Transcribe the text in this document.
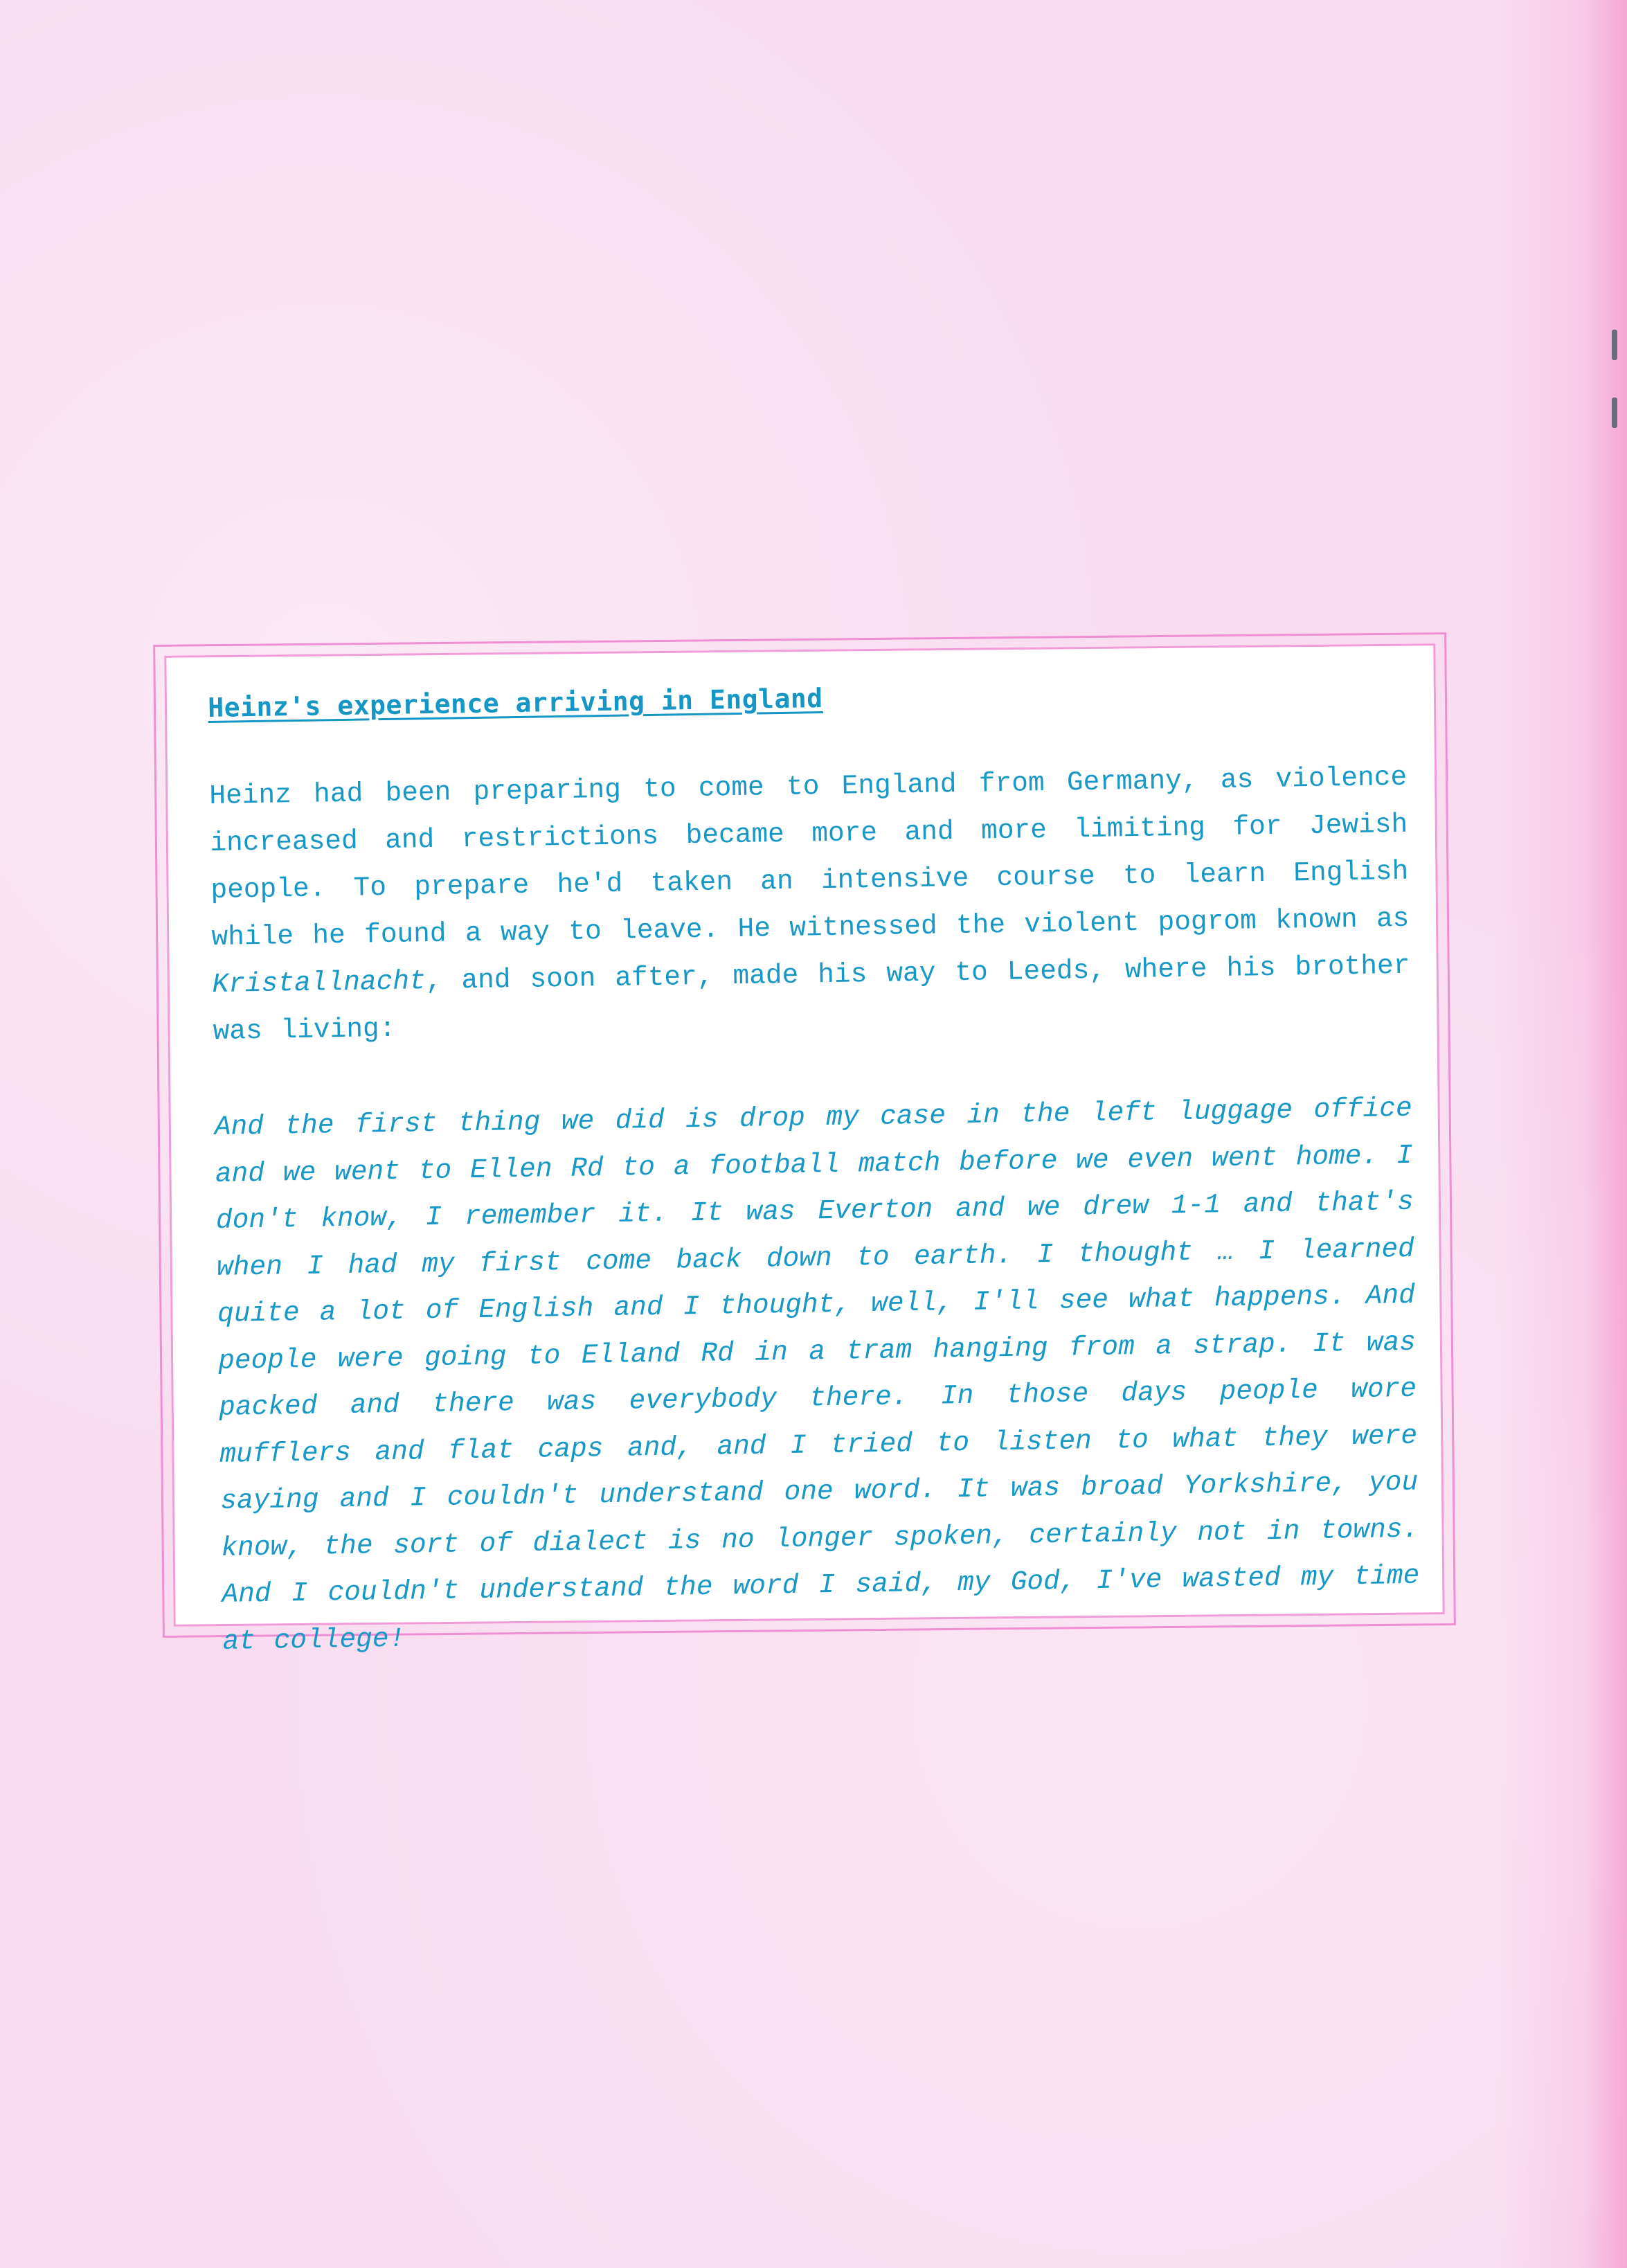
Heinz's experience arriving in England

Heinz had been preparing to come to England from Germany, as violence increased and restrictions became more and more limiting for Jewish people. To prepare he'd taken an intensive course to learn English while he found a way to leave. He witnessed the violent pogrom known as Kristallnacht, and soon after, made his way to Leeds, where his brother was living:

And the first thing we did is drop my case in the left luggage office and we went to Ellen Rd to a football match before we even went home. I don't know, I remember it. It was Everton and we drew 1-1 and that's when I had my first come back down to earth. I thought … I learned quite a lot of English and I thought, well, I'll see what happens. And people were going to Elland Rd in a tram hanging from a strap. It was packed and there was everybody there. In those days people wore mufflers and flat caps and, and I tried to listen to what they were saying and I couldn't understand one word. It was broad Yorkshire, you know, the sort of dialect is no longer spoken, certainly not in towns. And I couldn't understand the word I said, my God, I've wasted my time at college!
